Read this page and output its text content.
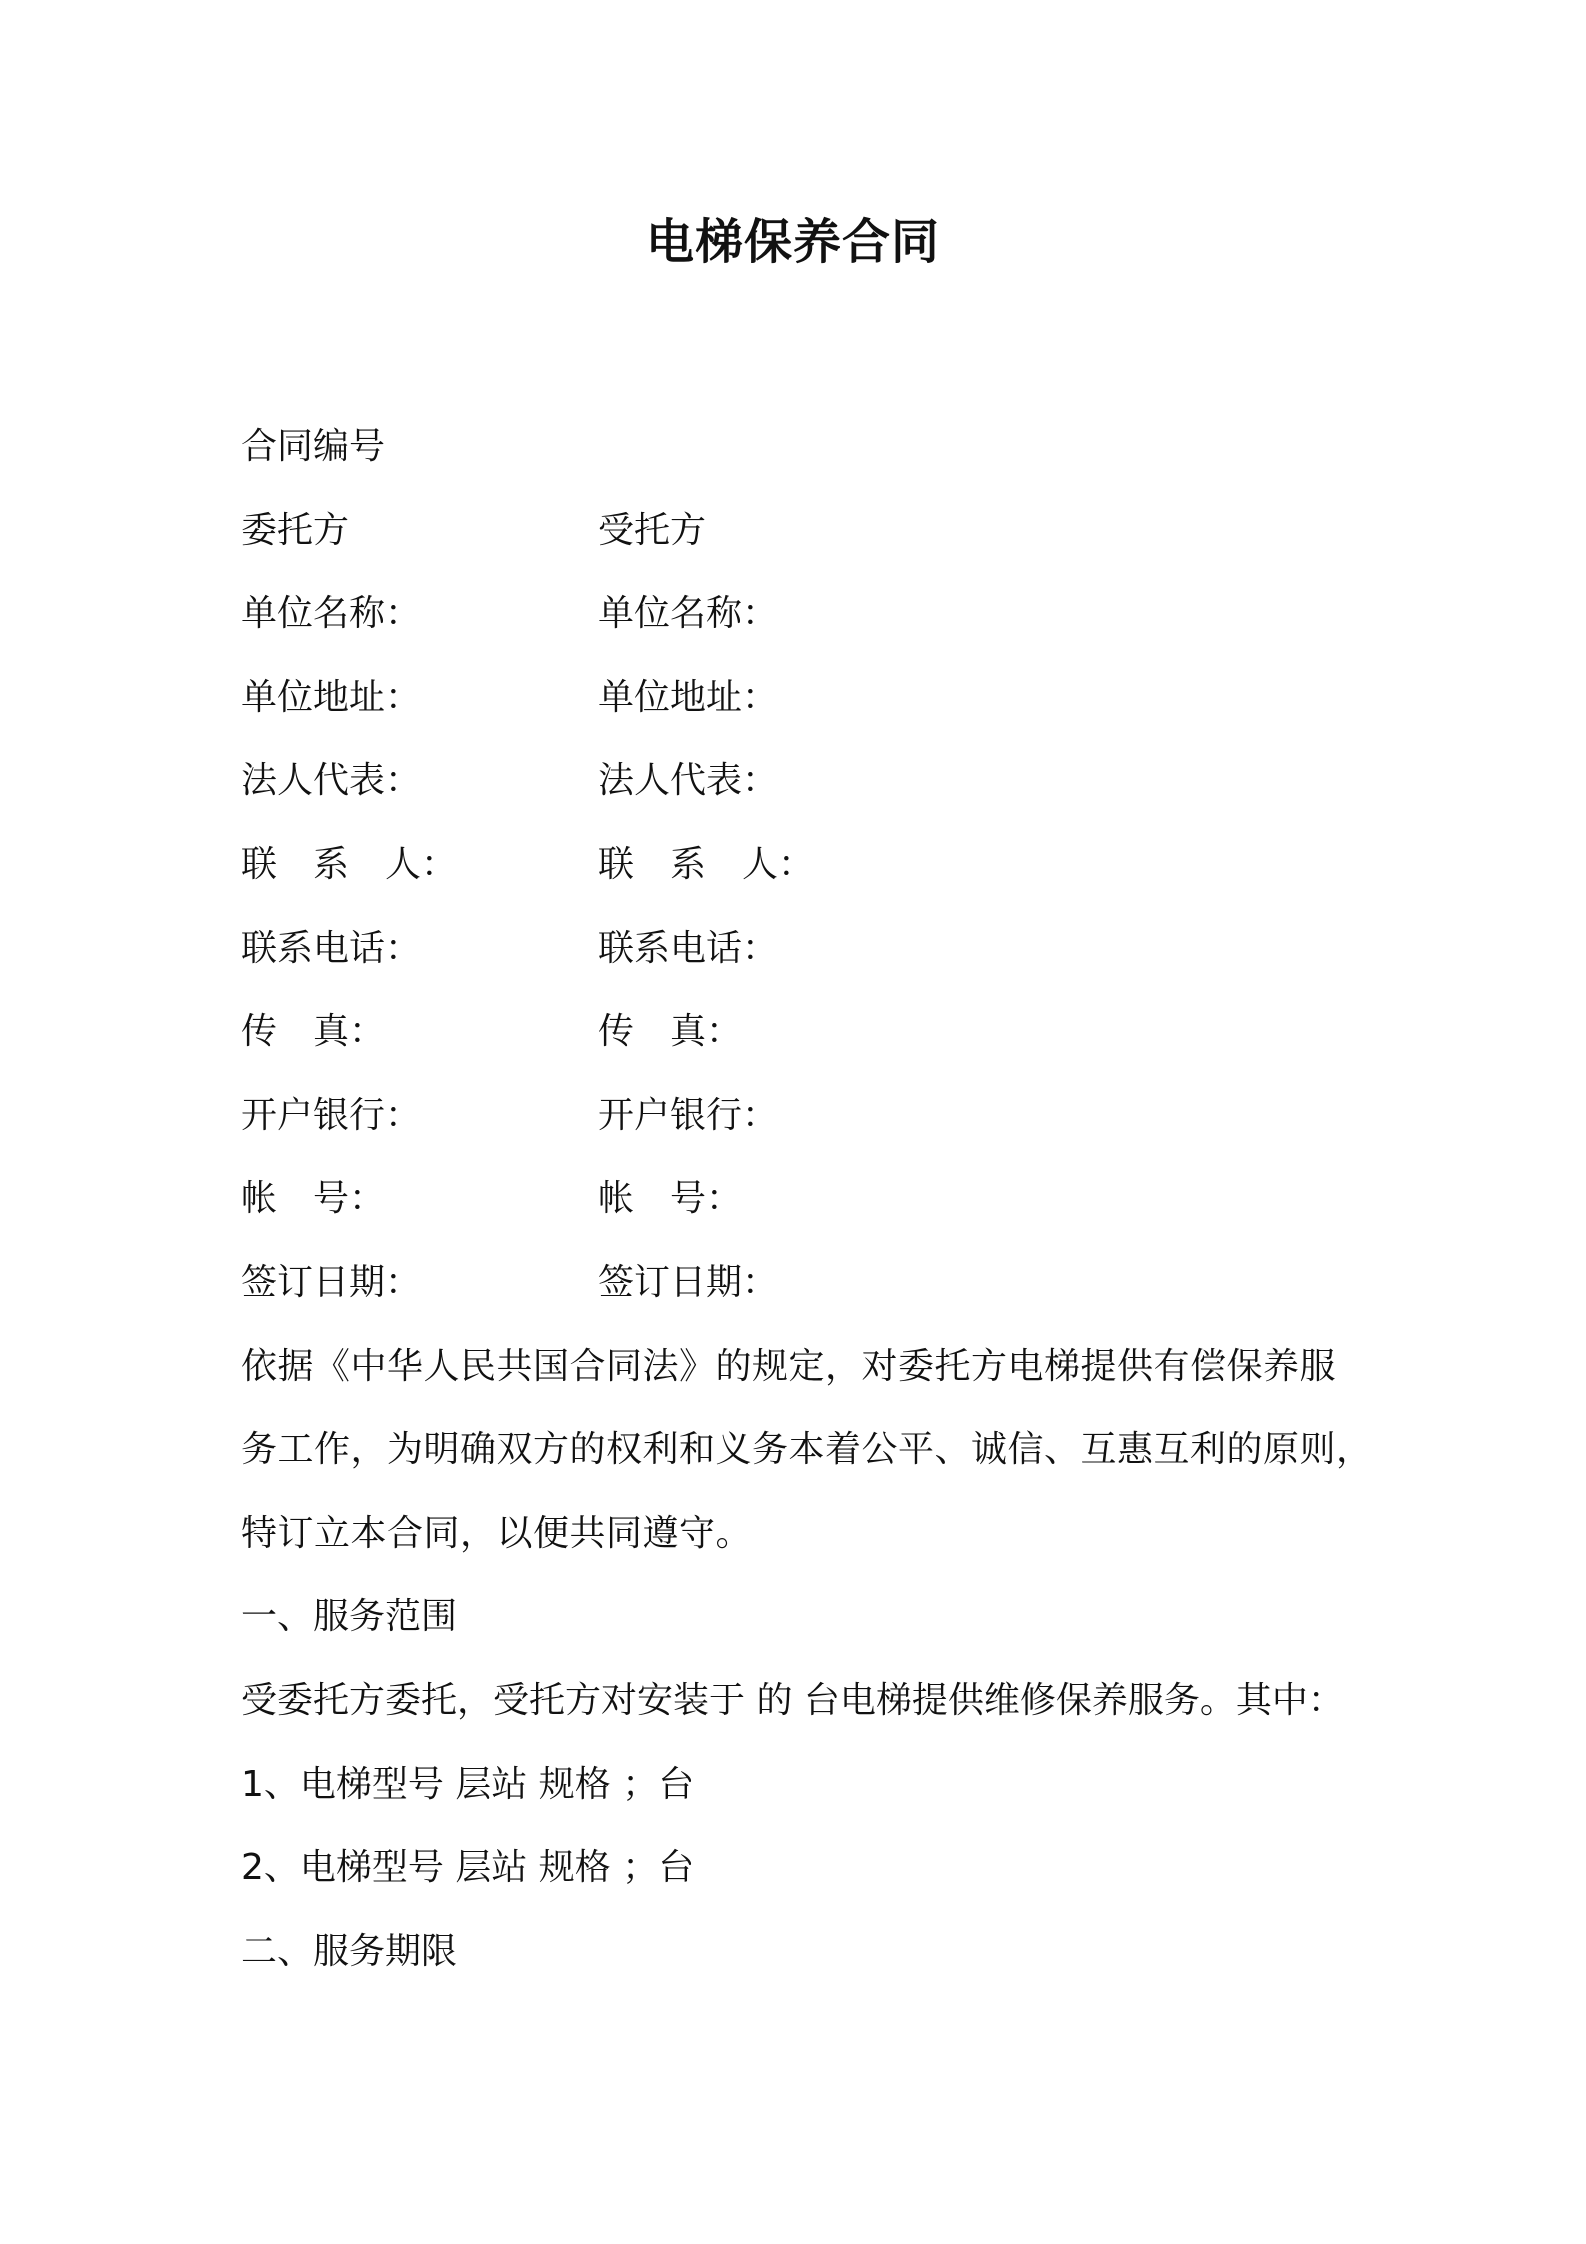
电梯保养合同
合同编号
委托方	受托方
单位名称：	单位名称：
单位地址：	单位地址：
法人代表：	法人代表：
联　系　人：	联　系　人：
联系电话：	联系电话：
传　真：	传　真：
开户银行：	开户银行：
帐　号：	帐　号：
签订日期：	签订日期：
依据《中华人民共国合同法》的规定，对委托方电梯提供有偿保养服
务工作，为明确双方的权利和义务本着公平、诚信、互惠互利的原则，
特订立本合同，以便共同遵守。
一、服务范围
受委托方委托，受托方对安装于 的 台电梯提供维修保养服务。其中：
1、电梯型号 层站 规格 ；台
2、电梯型号 层站 规格 ；台
二、服务期限
